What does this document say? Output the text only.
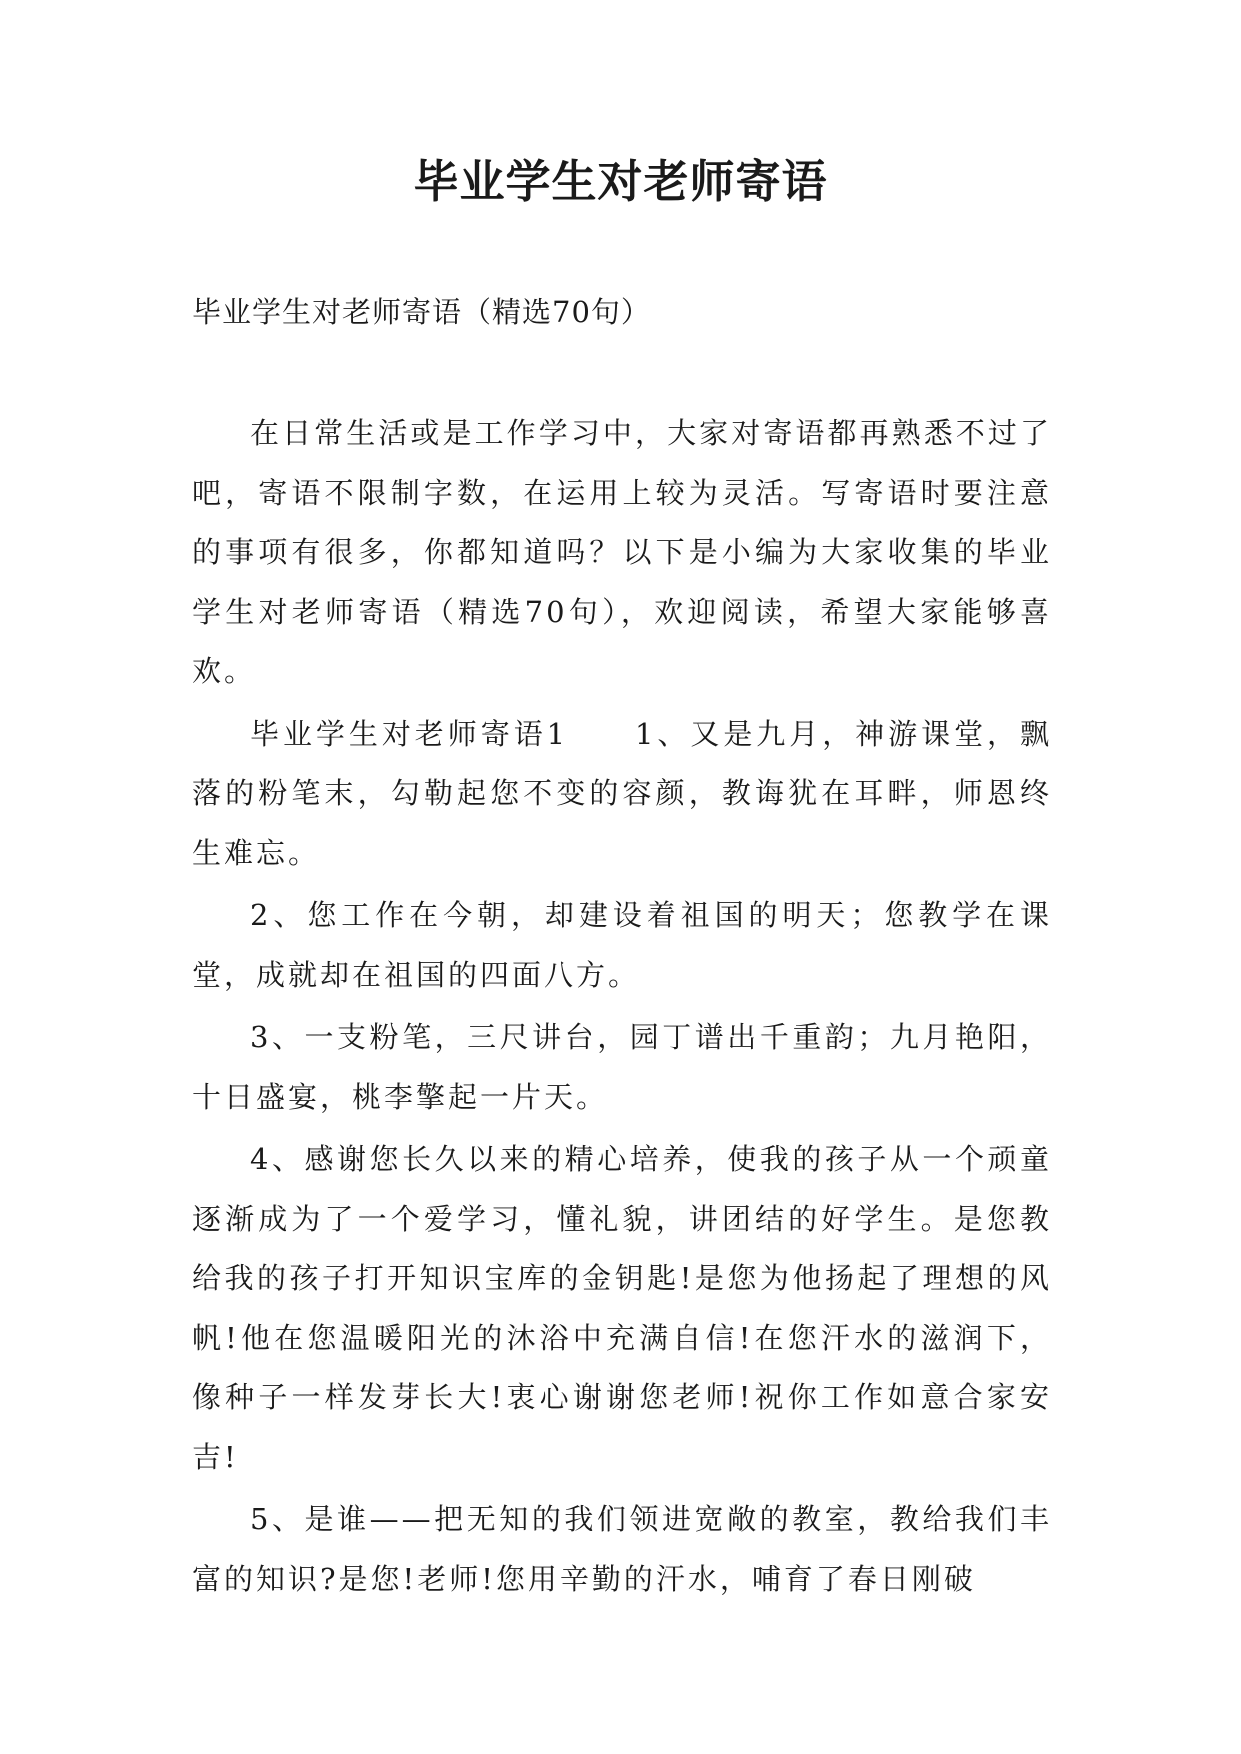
毕业学生对老师寄语

毕业学生对老师寄语（精选70句）

在日常生活或是工作学习中，大家对寄语都再熟悉不过了吧，寄语不限制字数，在运用上较为灵活。写寄语时要注意的事项有很多，你都知道吗？以下是小编为大家收集的毕业学生对老师寄语（精选70句），欢迎阅读，希望大家能够喜欢。

毕业学生对老师寄语1　　1、又是九月，神游课堂，飘落的粉笔末，勾勒起您不变的容颜，教诲犹在耳畔，师恩终生难忘。

2、您工作在今朝，却建设着祖国的明天；您教学在课堂，成就却在祖国的四面八方。

3、一支粉笔，三尺讲台，园丁谱出千重韵；九月艳阳，十日盛宴，桃李擎起一片天。

4、感谢您长久以来的精心培养，使我的孩子从一个顽童逐渐成为了一个爱学习，懂礼貌，讲团结的好学生。是您教给我的孩子打开知识宝库的金钥匙!是您为他扬起了理想的风帆!他在您温暖阳光的沐浴中充满自信!在您汗水的滋润下，像种子一样发芽长大!衷心谢谢您老师!祝你工作如意合家安吉!

5、是谁——把无知的我们领进宽敞的教室，教给我们丰富的知识?是您!老师!您用辛勤的汗水，哺育了春日刚破
